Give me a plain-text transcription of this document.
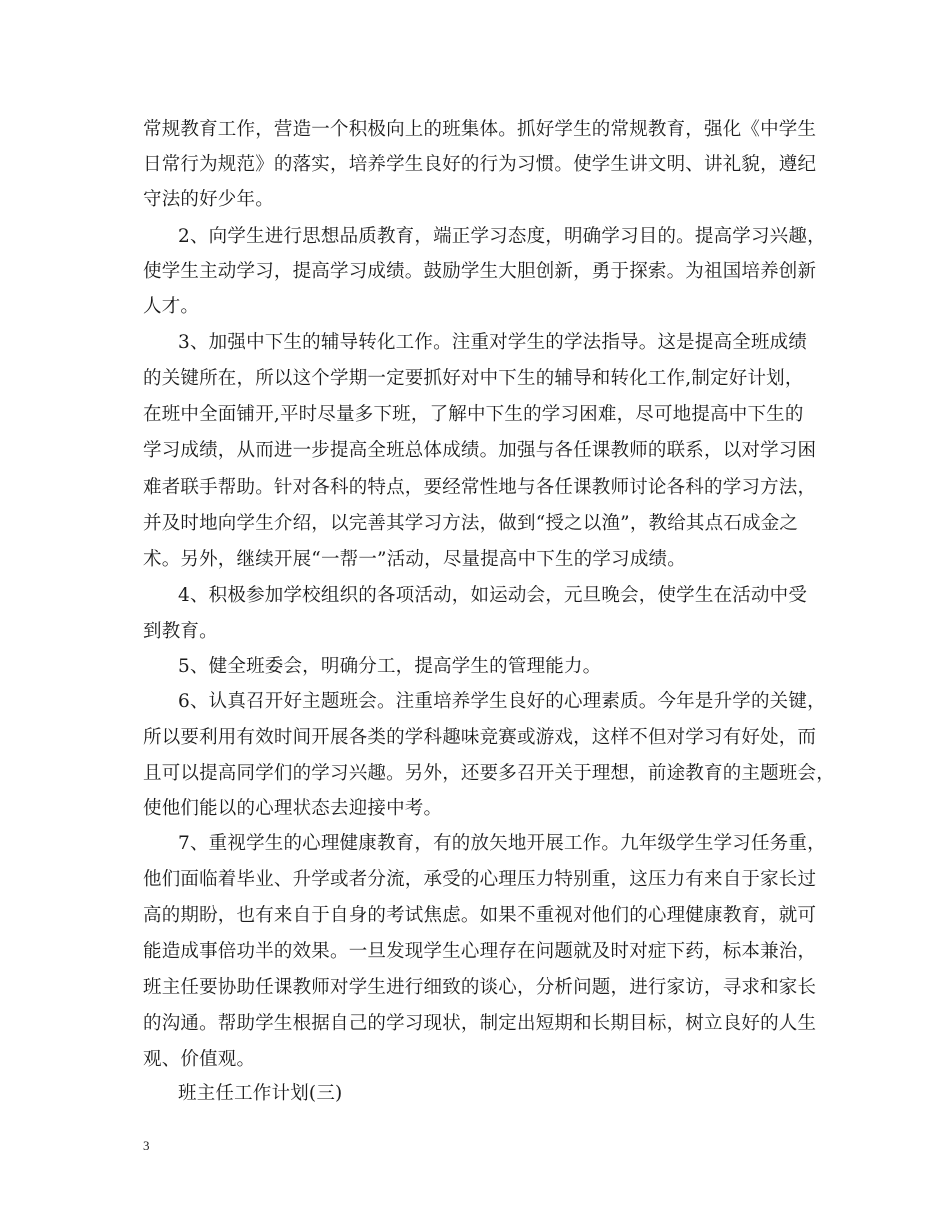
常规教育工作，营造一个积极向上的班集体。抓好学生的常规教育，强化《中学生
日常行为规范》的落实，培养学生良好的行为习惯。使学生讲文明、讲礼貌，遵纪
守法的好少年。
2、向学生进行思想品质教育，端正学习态度，明确学习目的。提高学习兴趣，
使学生主动学习，提高学习成绩。鼓励学生大胆创新，勇于探索。为祖国培养创新
人才。
3、加强中下生的辅导转化工作。注重对学生的学法指导。这是提高全班成绩
的关键所在，所以这个学期一定要抓好对中下生的辅导和转化工作,制定好计划，
在班中全面铺开,平时尽量多下班，了解中下生的学习困难，尽可地提高中下生的
学习成绩，从而进一步提高全班总体成绩。加强与各任课教师的联系，以对学习困
难者联手帮助。针对各科的特点，要经常性地与各任课教师讨论各科的学习方法，
并及时地向学生介绍，以完善其学习方法，做到“授之以渔”，教给其点石成金之
术。另外，继续开展“一帮一”活动，尽量提高中下生的学习成绩。
4、积极参加学校组织的各项活动，如运动会，元旦晚会，使学生在活动中受
到教育。
5、健全班委会，明确分工，提高学生的管理能力。
6、认真召开好主题班会。注重培养学生良好的心理素质。今年是升学的关键，
所以要利用有效时间开展各类的学科趣味竞赛或游戏，这样不但对学习有好处，而
且可以提高同学们的学习兴趣。另外，还要多召开关于理想，前途教育的主题班会，
使他们能以的心理状态去迎接中考。
7、重视学生的心理健康教育，有的放矢地开展工作。九年级学生学习任务重，
他们面临着毕业、升学或者分流，承受的心理压力特别重，这压力有来自于家长过
高的期盼，也有来自于自身的考试焦虑。如果不重视对他们的心理健康教育，就可
能造成事倍功半的效果。一旦发现学生心理存在问题就及时对症下药，标本兼治，
班主任要协助任课教师对学生进行细致的谈心，分析问题，进行家访，寻求和家长
的沟通。帮助学生根据自己的学习现状，制定出短期和长期目标，树立良好的人生
观、价值观。
班主任工作计划(三)
3
